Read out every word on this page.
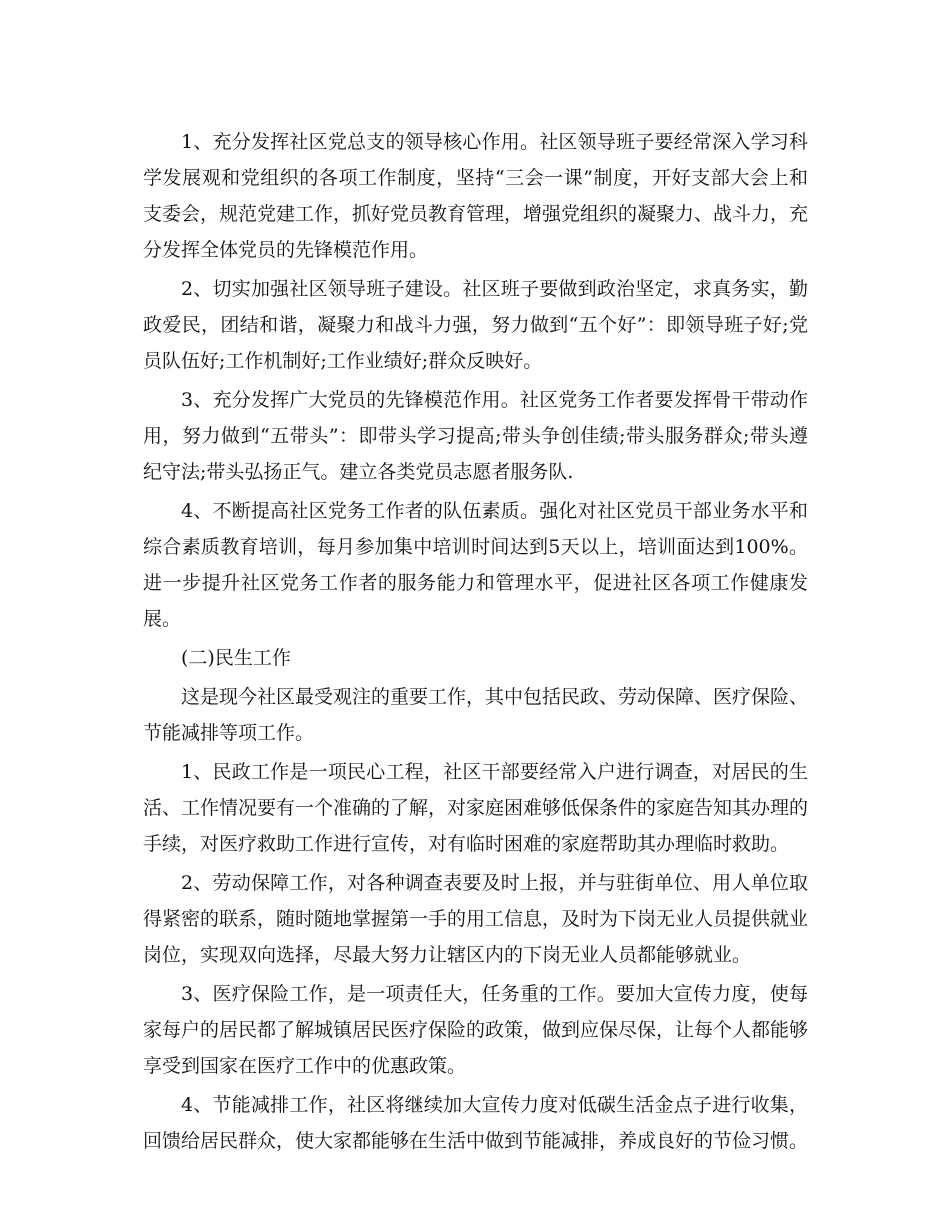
1、充分发挥社区党总支的领导核心作用。社区领导班子要经常深入学习科学发展观和党组织的各项工作制度，坚持“三会一课”制度，开好支部大会上和支委会，规范党建工作，抓好党员教育管理，增强党组织的凝聚力、战斗力，充分发挥全体党员的先锋模范作用。

2、切实加强社区领导班子建设。社区班子要做到政治坚定，求真务实，勤政爱民，团结和谐，凝聚力和战斗力强，努力做到“五个好”：即领导班子好;党员队伍好;工作机制好;工作业绩好;群众反映好。

3、充分发挥广大党员的先锋模范作用。社区党务工作者要发挥骨干带动作用，努力做到“五带头”：即带头学习提高;带头争创佳绩;带头服务群众;带头遵纪守法;带头弘扬正气。建立各类党员志愿者服务队.

4、不断提高社区党务工作者的队伍素质。强化对社区党员干部业务水平和综合素质教育培训，每月参加集中培训时间达到5天以上，培训面达到100%。进一步提升社区党务工作者的服务能力和管理水平，促进社区各项工作健康发展。

(二)民生工作

这是现今社区最受观注的重要工作，其中包括民政、劳动保障、医疗保险、节能减排等项工作。

1、民政工作是一项民心工程，社区干部要经常入户进行调查，对居民的生活、工作情况要有一个准确的了解，对家庭困难够低保条件的家庭告知其办理的手续，对医疗救助工作进行宣传，对有临时困难的家庭帮助其办理临时救助。

2、劳动保障工作，对各种调查表要及时上报，并与驻街单位、用人单位取得紧密的联系，随时随地掌握第一手的用工信息，及时为下岗无业人员提供就业岗位，实现双向选择，尽最大努力让辖区内的下岗无业人员都能够就业。

3、医疗保险工作，是一项责任大，任务重的工作。要加大宣传力度，使每家每户的居民都了解城镇居民医疗保险的政策，做到应保尽保，让每个人都能够享受到国家在医疗工作中的优惠政策。

4、节能减排工作，社区将继续加大宣传力度对低碳生活金点子进行收集，回馈给居民群众，使大家都能够在生活中做到节能减排，养成良好的节俭习惯。
